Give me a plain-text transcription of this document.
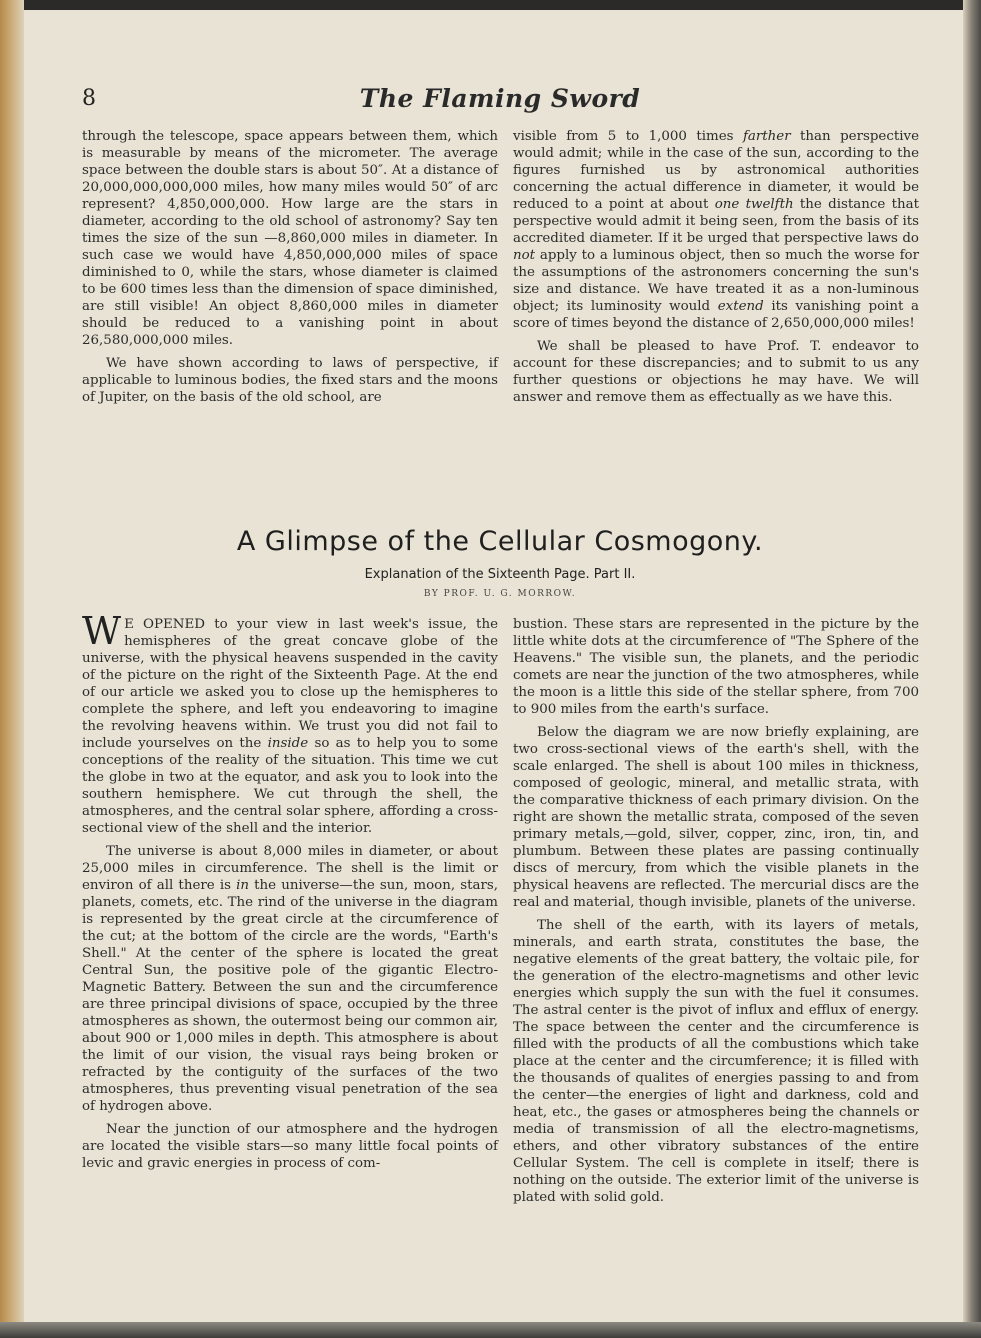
8	The Flaming Sword

through the telescope, space appears between them, which is measurable by means of the micrometer. The average space between the double stars is about 50″. At a distance of 20,000,000,000,000 miles, how many miles would 50″ of arc represent? 4,850,000,000. How large are the stars in diameter, according to the old school of astronomy? Say ten times the size of the sun —8,860,000 miles in diameter. In such case we would have 4,850,000,000 miles of space diminished to 0, while the stars, whose diameter is claimed to be 600 times less than the dimension of space diminished, are still visible! An object 8,860,000 miles in diameter should be reduced to a vanishing point in about 26,580,000,000 miles.

We have shown according to laws of perspective, if applicable to luminous bodies, the fixed stars and the moons of Jupiter, on the basis of the old school, are

visible from 5 to 1,000 times farther than perspective would admit; while in the case of the sun, according to the figures furnished us by astronomical authorities concerning the actual difference in diameter, it would be reduced to a point at about one twelfth the distance that perspective would admit it being seen, from the basis of its accredited diameter. If it be urged that perspective laws do not apply to a luminous object, then so much the worse for the assumptions of the astronomers concerning the sun's size and distance. We have treated it as a non-luminous object; its luminosity would extend its vanishing point a score of times beyond the distance of 2,650,000,000 miles!

We shall be pleased to have Prof. T. endeavor to account for these discrepancies; and to submit to us any further questions or objections he may have. We will answer and remove them as effectually as we have this.

A Glimpse of the Cellular Cosmogony.
Explanation of the Sixteenth Page. Part II.
BY PROF. U. G. MORROW.

W E OPENED to your view in last week's issue, the hemispheres of the great concave globe of the universe, with the physical heavens suspended in the cavity of the picture on the right of the Sixteenth Page. At the end of our article we asked you to close up the hemispheres to complete the sphere, and left you endeavoring to imagine the revolving heavens within. We trust you did not fail to include yourselves on the inside so as to help you to some conceptions of the reality of the situation. This time we cut the globe in two at the equator, and ask you to look into the southern hemisphere. We cut through the shell, the atmospheres, and the central solar sphere, affording a cross-sectional view of the shell and the interior.

The universe is about 8,000 miles in diameter, or about 25,000 miles in circumference. The shell is the limit or environ of all there is in the universe—the sun, moon, stars, planets, comets, etc. The rind of the universe in the diagram is represented by the great circle at the circumference of the cut; at the bottom of the circle are the words, "Earth's Shell." At the center of the sphere is located the great Central Sun, the positive pole of the gigantic Electro-Magnetic Battery. Between the sun and the circumference are three principal divisions of space, occupied by the three atmospheres as shown, the outermost being our common air, about 900 or 1,000 miles in depth. This atmosphere is about the limit of our vision, the visual rays being broken or refracted by the contiguity of the surfaces of the two atmospheres, thus preventing visual penetration of the sea of hydrogen above.

Near the junction of our atmosphere and the hydrogen are located the visible stars—so many little focal points of levic and gravic energies in process of com-

bustion. These stars are represented in the picture by the little white dots at the circumference of "The Sphere of the Heavens." The visible sun, the planets, and the periodic comets are near the junction of the two atmospheres, while the moon is a little this side of the stellar sphere, from 700 to 900 miles from the earth's surface.

Below the diagram we are now briefly explaining, are two cross-sectional views of the earth's shell, with the scale enlarged. The shell is about 100 miles in thickness, composed of geologic, mineral, and metallic strata, with the comparative thickness of each primary division. On the right are shown the metallic strata, composed of the seven primary metals,—gold, silver, copper, zinc, iron, tin, and plumbum. Between these plates are passing continually discs of mercury, from which the visible planets in the physical heavens are reflected. The mercurial discs are the real and material, though invisible, planets of the universe.

The shell of the earth, with its layers of metals, minerals, and earth strata, constitutes the base, the negative elements of the great battery, the voltaic pile, for the generation of the electro-magnetisms and other levic energies which supply the sun with the fuel it consumes. The astral center is the pivot of influx and efflux of energy. The space between the center and the circumference is filled with the products of all the combustions which take place at the center and the circumference; it is filled with the thousands of qualites of energies passing to and from the center—the energies of light and darkness, cold and heat, etc., the gases or atmospheres being the channels or media of transmission of all the electro-magnetisms, ethers, and other vibratory substances of the entire Cellular System. The cell is complete in itself; there is nothing on the outside. The exterior limit of the universe is plated with solid gold.
